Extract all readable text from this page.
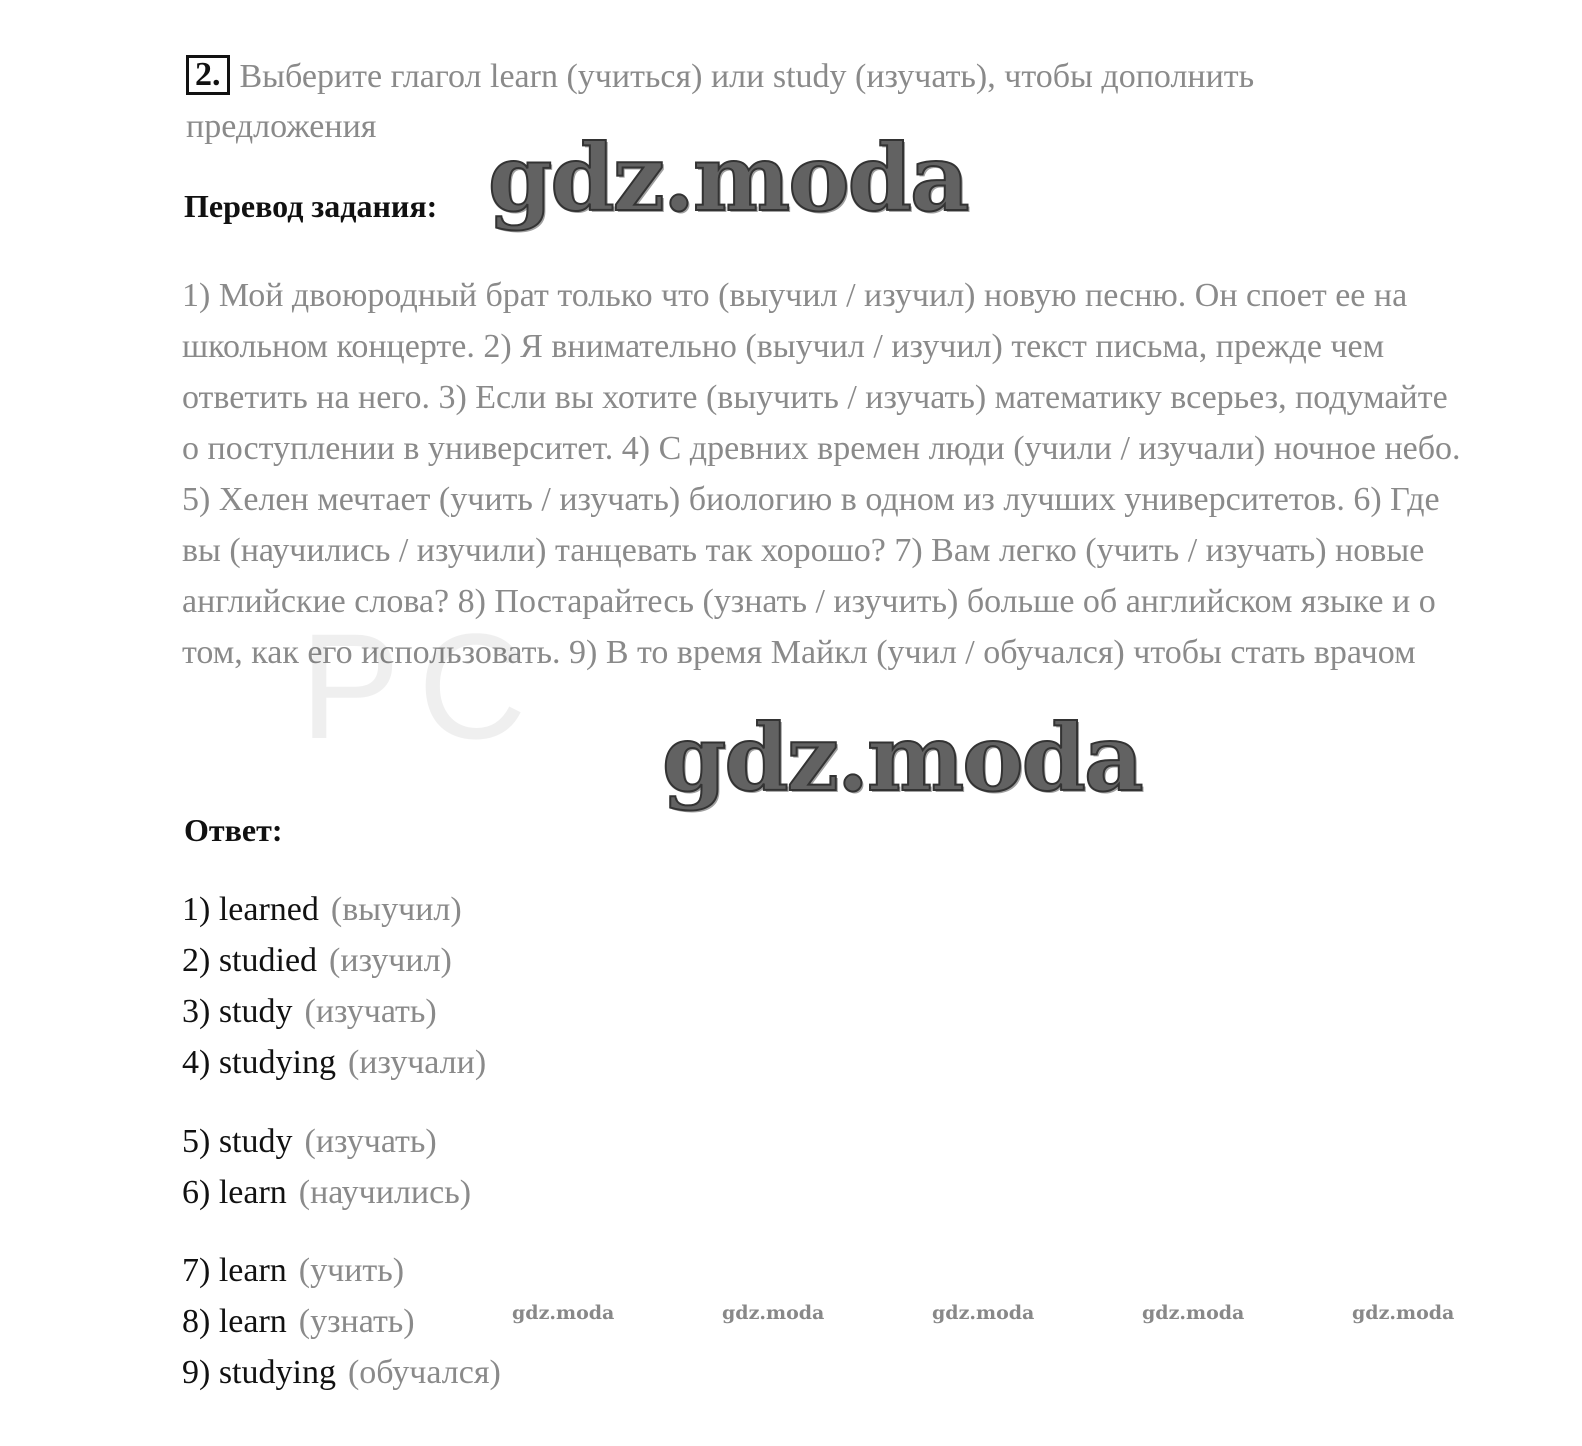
2. Выберите глагол learn (учиться) или study (изучать), чтобы дополнить предложения
Перевод задания: gdz.moda
1) Мой двоюродный брат только что (выучил / изучил) новую песню. Он споет ее на школьном концерте. 2) Я внимательно (выучил / изучил) текст письма, прежде чем ответить на него. 3) Если вы хотите (выучить / изучать) математику всерьез, подумайте о поступлении в университет. 4) С древних времен люди (учили / изучали) ночное небо. 5) Хелен мечтает (учить / изучать) биологию в одном из лучших университетов. 6) Где вы (научились / изучили) танцевать так хорошо? 7) Вам легко (учить / изучать) новые английские слова? 8) Постарайтесь (узнать / изучить) больше об английском языке и о том, как его использовать. 9) В то время Майкл (учил / обучался) чтобы стать врачом
PC gdz.moda
Ответ:
1) learned (выучил)
2) studied (изучил)
3) study (изучать)
4) studying (изучали)
5) study (изучать)
6) learn (научились)
7) learn (учить)
8) learn (узнать)
9) studying (обучался)
gdz.moda	gdz.moda	gdz.moda	gdz.moda	gdz.moda
